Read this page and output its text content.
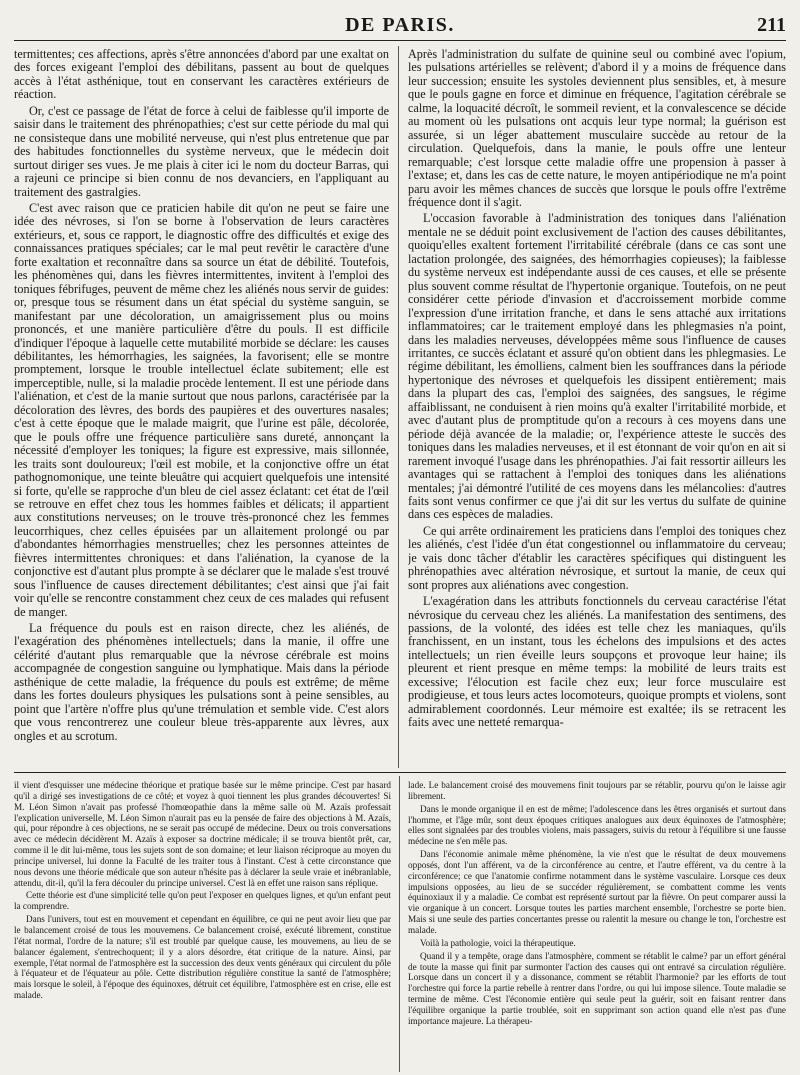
DE PARIS.	211

termittentes; ces affections, après s'être annoncées d'abord par une exaltat on des forces exigeant l'emploi des débilitans, passent au bout de quelques accès à l'état asthénique, tout en conservant les caractères extérieurs de réaction.

Or, c'est ce passage de l'état de force à celui de faiblesse qu'il importe de saisir dans le traitement des phrénopathies; c'est sur cette période du mal qui ne consisteque dans une mobilité nerveuse, qui n'est plus entretenue que par des habitudes fonctionnelles du système nerveux, que le médecin doit surtout diriger ses vues. Je me plais à citer ici le nom du docteur Barras, qui a rajeuni ce principe si bien connu de nos devanciers, en l'appliquant au traitement des gastralgies.

C'est avec raison que ce praticien habile dit qu'on ne peut se faire une idée des névroses, si l'on se borne à l'observation de leurs caractères extérieurs, et, sous ce rapport, le diagnostic offre des difficultés et exige des connaissances pratiques spéciales; car le mal peut revêtir le caractère d'une forte exaltation et reconnaître dans sa source un état de débilité. Toutefois, les phénomènes qui, dans les fièvres intermittentes, invitent à l'emploi des toniques fébrifuges, peuvent de même chez les aliénés nous servir de guides: or, presque tous se résument dans un état spécial du système sanguin, se manifestant par une décoloration, un amaigrissement plus ou moins prononcés, et une manière particulière d'être du pouls. Il est difficile d'indiquer l'époque à laquelle cette mutabilité morbide se déclare: les causes débilitantes, les hémorrhagies, les saignées, la favorisent; elle se montre promptement, lorsque le trouble intellectuel éclate subitement; elle est imperceptible, nulle, si la maladie procède lentement. Il est une période dans l'aliénation, et c'est de la manie surtout que nous parlons, caractérisée par la décoloration des lèvres, des bords des paupières et des ouvertures nasales; c'est à cette époque que le malade maigrit, que l'urine est pâle, décolorée, que le pouls offre une fréquence particulière sans dureté, annonçant la nécessité d'employer les toniques; la figure est expressive, mais sillonnée, les traits sont douloureux; l'œil est mobile, et la conjonctive offre un état pathognomonique, une teinte bleuâtre qui acquiert quelquefois une intensité si forte, qu'elle se rapproche d'un bleu de ciel assez éclatant: cet état de l'œil se retrouve en effet chez tous les hommes faibles et délicats; il appartient aux constitutions nerveuses; on le trouve très-prononcé chez les femmes leucorrhiques, chez celles épuisées par un allaitement prolongé ou par d'abondantes hémorrhagies menstruelles; chez les personnes atteintes de fièvres intermittentes chroniques: et dans l'aliénation, la cyanose de la conjonctive est d'autant plus prompte à se déclarer que le malade s'est trouvé sous l'influence de causes directement débilitantes; c'est ainsi que j'ai fait voir qu'elle se rencontre constamment chez ceux de ces malades qui refusent de manger.

La fréquence du pouls est en raison directe, chez les aliénés, de l'exagération des phénomènes intellectuels; dans la manie, il offre une célérité d'autant plus remarquable que la névrose cérébrale est moins accompagnée de congestion sanguine ou lymphatique. Mais dans la période asthénique de cette maladie, la fréquence du pouls est extrême; de même dans les fortes douleurs physiques les pulsations sont à peine sensibles, au point que l'artère n'offre plus qu'une trémulation et semble vide. C'est alors que vous rencontrerez une couleur bleue très-apparente aux lèvres, aux ongles et au scrotum.

Après l'administration du sulfate de quinine seul ou combiné avec l'opium, les pulsations artérielles se relèvent; d'abord il y a moins de fréquence dans leur succession; ensuite les systoles deviennent plus sensibles, et, à mesure que le pouls gagne en force et diminue en fréquence, l'agitation cérébrale se calme, la loquacité décroît, le sommeil revient, et la convalescence se décide au moment où les pulsations ont acquis leur type normal; la guérison est assurée, si un léger abattement musculaire succède au retour de la circulation. Quelquefois, dans la manie, le pouls offre une lenteur remarquable; c'est lorsque cette maladie offre une propension à passer à l'extase; et, dans les cas de cette nature, le moyen antipériodique ne m'a point paru avoir les mêmes chances de succès que lorsque le pouls offre l'extrême fréquence dont il s'agit.

L'occasion favorable à l'administration des toniques dans l'aliénation mentale ne se déduit point exclusivement de l'action des causes débilitantes, quoiqu'elles exaltent fortement l'irritabilité cérébrale (dans ce cas sont une lactation prolongée, des saignées, des hémorrhagies copieuses); la faiblesse du système nerveux est indépendante aussi de ces causes, et elle se présente plus souvent comme résultat de l'hypertonie organique. Toutefois, on ne peut considérer cette période d'invasion et d'accroissement morbide comme l'expression d'une irritation franche, et dans le sens attaché aux irritations inflammatoires; car le traitement employé dans les phlegmasies n'a point, dans les maladies nerveuses, développées même sous l'influence de causes irritantes, ce succès éclatant et assuré qu'on obtient dans les phlegmasies. Le régime débilitant, les émolliens, calment bien les souffrances dans la période hypertonique des névroses et quelquefois les dissipent entièrement; mais dans la plupart des cas, l'emploi des saignées, des sangsues, le régime affaiblissant, ne conduisent à rien moins qu'à exalter l'irritabilité morbide, et avec d'autant plus de promptitude qu'on a recours à ces moyens dans une période déjà avancée de la maladie; or, l'expérience atteste le succès des toniques dans les maladies nerveuses, et il est étonnant de voir qu'on en ait si rarement invoqué l'usage dans les phrénopathies. J'ai fait ressortir ailleurs les avantages qui se rattachent à l'emploi des toniques dans les aliénations mentales; j'ai démontré l'utilité de ces moyens dans les mélancolies: d'autres faits sont venus confirmer ce que j'ai dit sur les vertus du sulfate de quinine dans ces espèces de maladies.

Ce qui arrête ordinairement les praticiens dans l'emploi des toniques chez les aliénés, c'est l'idée d'un état congestionnel ou inflammatoire du cerveau; je vais donc tâcher d'établir les caractères spécifiques qui distinguent les phrénopathies avec altération névrosique, et surtout la manie, de ceux qui sont propres aux aliénations avec congestion.

L'exagération dans les attributs fonctionnels du cerveau caractérise l'état névrosique du cerveau chez les aliénés. La manifestation des sentimens, des passions, de la volonté, des idées est telle chez les maniaques, qu'ils franchissent, en un instant, tous les échelons des impulsions et des actes intellectuels; un rien éveille leurs soupçons et provoque leur haine; ils pleurent et rient presque en même temps: la mobilité de leurs traits est excessive; l'élocution est facile chez eux; leur force musculaire est prodigieuse, et tous leurs actes locomoteurs, quoique prompts et violens, sont admirablement coordonnés. Leur mémoire est exaltée; ils se retracent les faits avec une netteté remarqua-

il vient d'esquisser une médecine théorique et pratique basée sur le même principe. C'est par hasard qu'il a dirigé ses investigations de ce côté; et voyez à quoi tiennent les plus grandes découvertes! Si M. Léon Simon n'avait pas professé l'homœopathie dans la même salle où M. Azaïs professait l'explication universelle, M. Léon Simon n'aurait pas eu la pensée de faire des objections à M. Azaïs, qui, pour répondre à ces objections, ne se serait pas occupé de médecine. Deux ou trois conversations avec ce médecin décidèrent M. Azaïs à exposer sa doctrine médicale; il se trouva bientôt prêt, car, comme il le dit lui-même, tous les sujets sont de son domaine; et leur liaison réciproque au moyen du principe universel, lui donne la Faculté de les traiter tous à l'instant. C'est à cette circonstance que nous devons une théorie médicale que son auteur n'hésite pas à déclarer la seule vraie et inébranlable, attendu, dit-il, qu'il la fera découler du principe universel. C'est là en effet une raison sans réplique.

Cette théorie est d'une simplicité telle qu'on peut l'exposer en quelques lignes, et qu'un enfant peut la comprendre.

Dans l'univers, tout est en mouvement et cependant en équilibre, ce qui ne peut avoir lieu que par le balancement croisé de tous les mouvemens. Ce balancement croisé, exécuté librement, constitue l'état normal, l'ordre de la nature; s'il est troublé par quelque cause, les mouvemens, au lieu de se balancer également, s'entrechoquent; il y a alors désordre, état critique de la nature. Ainsi, par exemple, l'état normal de l'atmosphère est la succession des deux vents généraux qui circulent du pôle à l'équateur et de l'équateur au pôle. Cette distribution régulière constitue la santé de l'atmosphère; mais lorsque le soleil, à l'époque des équinoxes, détruit cet équilibre, l'atmosphère est en crise, elle est malade.

lade. Le balancement croisé des mouvemens finit toujours par se rétablir, pourvu qu'on le laisse agir librement.

Dans le monde organique il en est de même; l'adolescence dans les êtres organisés et surtout dans l'homme, et l'âge mûr, sont deux époques critiques analogues aux deux équinoxes de l'atmosphère; elles sont signalées par des troubles violens, mais passagers, suivis du retour à l'équilibre si une fausse médecine ne s'en mêle pas.

Dans l'économie animale même phénomène, la vie n'est que le résultat de deux mouvemens opposés, dont l'un afférent, va de la circonférence au centre, et l'autre efférent, va du centre à la circonférence; ce que l'anatomie confirme notamment dans le système vasculaire. Lorsque ces deux impulsions opposées, au lieu de se succéder régulièrement, se combattent comme les vents équinoxiaux il y a maladie. Ce combat est représenté surtout par la fièvre. On peut comparer aussi la vie organique à un concert. Lorsque toutes les parties marchent ensemble, l'orchestre se porte bien. Mais si une seule des parties concertantes presse ou ralentit la mesure ou change le ton, l'orchestre est malade.

Voilà la pathologie, voici la thérapeutique.

Quand il y a tempête, orage dans l'atmosphère, comment se rétablit le calme? par un effort général de toute la masse qui finit par surmonter l'action des causes qui ont entravé sa circulation régulière. Lorsque dans un concert il y a dissonance, comment se rétablit l'harmonie? par les efforts de tout l'orchestre qui force la partie rebelle à rentrer dans l'ordre, ou qui lui impose silence. Toute maladie se termine de même. C'est l'économie entière qui seule peut la guérir, soit en faisant rentrer dans l'équilibre organique la partie troublée, soit en supprimant son action quand elle n'est pas d'une importance majeure. La thérapeu-
